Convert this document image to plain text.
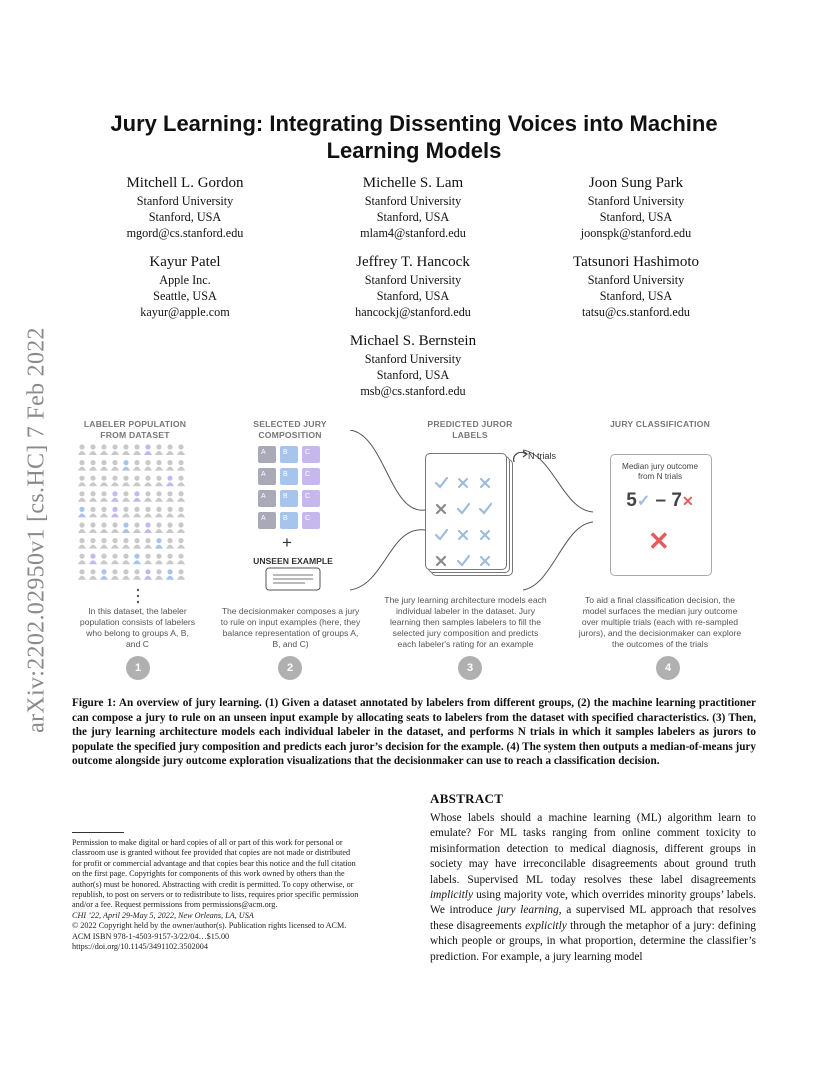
arXiv:2202.02950v1 [cs.HC] 7 Feb 2022
Jury Learning: Integrating Dissenting Voices into Machine Learning Models
Mitchell L. Gordon
Stanford University
Stanford, USA
mgord@cs.stanford.edu
Michelle S. Lam
Stanford University
Stanford, USA
mlam4@stanford.edu
Joon Sung Park
Stanford University
Stanford, USA
joonspk@stanford.edu
Kayur Patel
Apple Inc.
Seattle, USA
kayur@apple.com
Jeffrey T. Hancock
Stanford University
Stanford, USA
hancockj@stanford.edu
Tatsunori Hashimoto
Stanford University
Stanford, USA
tatsu@cs.stanford.edu
Michael S. Bernstein
Stanford University
Stanford, USA
msb@cs.stanford.edu
LABELER POPULATION
FROM DATASET
SELECTED JURY
COMPOSITION
PREDICTED JUROR
LABELS
JURY CLASSIFICATION
A	B	C
A	B	C
A	B	C
A	B	C
+
UNSEEN EXAMPLE
N trials
Median jury outcome
from N trials
5✓ – 7✕
✕
In this dataset, the labeler
population consists of labelers
who belong to groups A, B,
and C
The decisionmaker composes a jury
to rule on input examples (here, they
balance representation of groups A,
B, and C)
The jury learning architecture models each
individual labeler in the dataset. Jury
learning then samples labelers to fill the
selected jury composition and predicts
each labeler's rating for an example
To aid a final classification decision, the
model surfaces the median jury outcome
over multiple trials (each with re-sampled
jurors), and the decisionmaker can explore
the outcomes of the trials
1	2	3	4
Figure 1: An overview of jury learning. (1) Given a dataset annotated by labelers from different groups, (2) the machine learning practitioner can compose a jury to rule on an unseen input example by allocating seats to labelers from the dataset with specified characteristics. (3) Then, the jury learning architecture models each individual labeler in the dataset, and performs N trials in which it samples labelers as jurors to populate the specified jury composition and predicts each juror’s decision for the example. (4) The system then outputs a median-of-means jury outcome alongside jury outcome exploration visualizations that the decisionmaker can use to reach a classification decision.
Permission to make digital or hard copies of all or part of this work for personal or
classroom use is granted without fee provided that copies are not made or distributed
for profit or commercial advantage and that copies bear this notice and the full citation
on the first page. Copyrights for components of this work owned by others than the
author(s) must be honored. Abstracting with credit is permitted. To copy otherwise, or
republish, to post on servers or to redistribute to lists, requires prior specific permission
and/or a fee. Request permissions from permissions@acm.org.
CHI ’22, April 29-May 5, 2022, New Orleans, LA, USA
© 2022 Copyright held by the owner/author(s). Publication rights licensed to ACM.
ACM ISBN 978-1-4503-9157-3/22/04…$15.00
https://doi.org/10.1145/3491102.3502004
ABSTRACT
Whose labels should a machine learning (ML) algorithm learn to emulate? For ML tasks ranging from online comment toxicity to misinformation detection to medical diagnosis, different groups in society may have irreconcilable disagreements about ground truth labels. Supervised ML today resolves these label disagreements implicitly using majority vote, which overrides minority groups’ labels. We introduce jury learning, a supervised ML approach that resolves these disagreements explicitly through the metaphor of a jury: defining which people or groups, in what proportion, determine the classifier’s prediction. For example, a jury learning model
